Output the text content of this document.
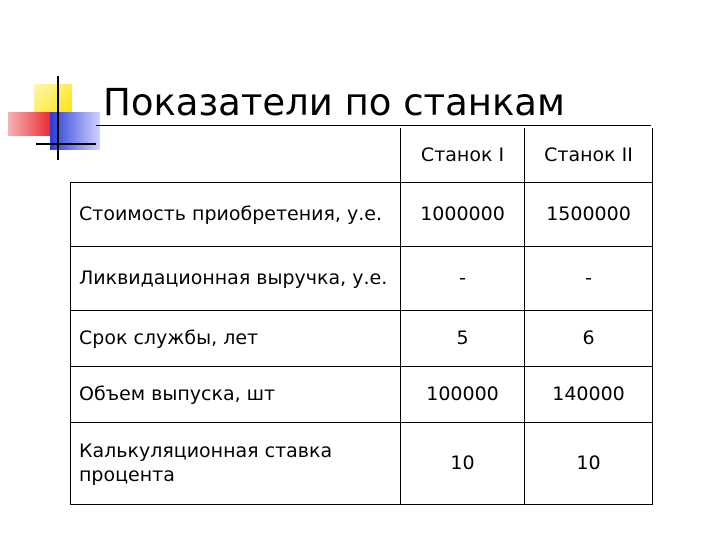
Показатели по станкам
	Станок I	Станок II
Стоимость приобретения, у.е.	1000000	1500000
Ликвидационная выручка, у.е.	-	-
Срок службы, лет	5	6
Объем выпуска, шт	100000	140000
Калькуляционная ставка процента	10	10
